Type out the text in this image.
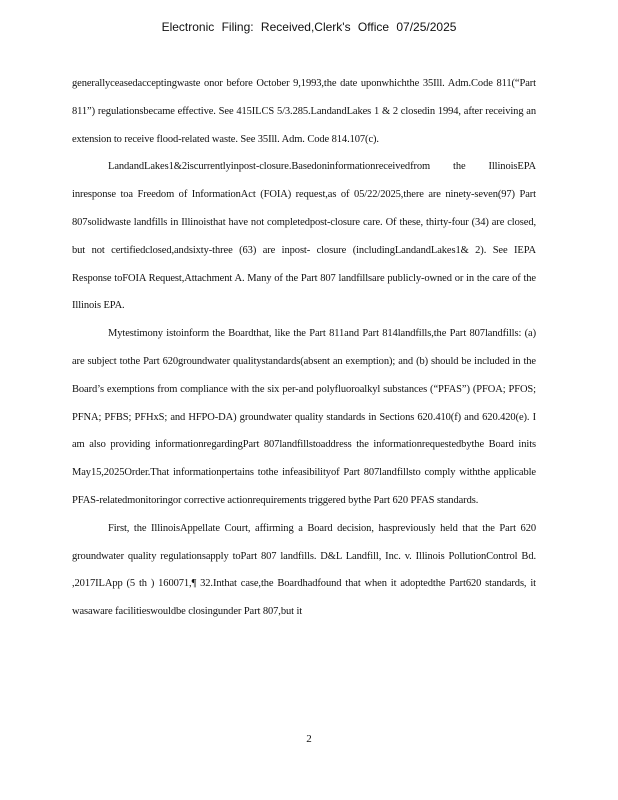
Electronic Filing: Received,Clerk's Office 07/25/2025

generallyceasedacceptingwaste onor before October 9,1993,the date uponwhichthe 35Ill. Adm.Code 811(“Part 811”) regulationsbecame effective. See 415ILCS 5/3.285.LandandLakes 1 & 2 closedin 1994, after receiving an extension to receive flood-related waste. See 35Ill. Adm. Code 814.107(c).

LandandLakes1&2iscurrentlyinpost-closure.Basedoninformationreceivedfrom the IllinoisEPA inresponse toa Freedom of InformationAct (FOIA) request,as of 05/22/2025,there are ninety-seven(97) Part 807solidwaste landfills in Illinoisthat have not completedpost-closure care. Of these, thirty-four (34) are closed, but not certifiedclosed,andsixty-three (63) are inpost- closure (includingLandandLakes1& 2). See IEPA Response toFOIA Request,Attachment A. Many of the Part 807 landfillsare publicly-owned or in the care of the Illinois EPA.

Mytestimony istoinform the Boardthat, like the Part 811and Part 814landfills,the Part 807landfills: (a) are subject tothe Part 620groundwater qualitystandards(absent an exemption); and (b) should be included in the Board’s exemptions from compliance with the six per-and polyfluoroalkyl substances (“PFAS”) (PFOA; PFOS; PFNA; PFBS; PFHxS; and HFPO-DA) groundwater quality standards in Sections 620.410(f) and 620.420(e). I am also providing informationregardingPart 807landfillstoaddress the informationrequestedbythe Board inits May15,2025Order.That informationpertains tothe infeasibilityof Part 807landfillsto comply withthe applicable PFAS-relatedmonitoringor corrective actionrequirements triggered bythe Part 620 PFAS standards.

First, the IllinoisAppellate Court, affirming a Board decision, haspreviously held that the Part 620 groundwater quality regulationsapply toPart 807 landfills. D&L Landfill, Inc. v. Illinois PollutionControl Bd. ,2017ILApp (5 th ) 160071,¶ 32.Inthat case,the Boardhadfound that when it adoptedthe Part620 standards, it wasaware facilitieswouldbe closingunder Part 807,but it

2
